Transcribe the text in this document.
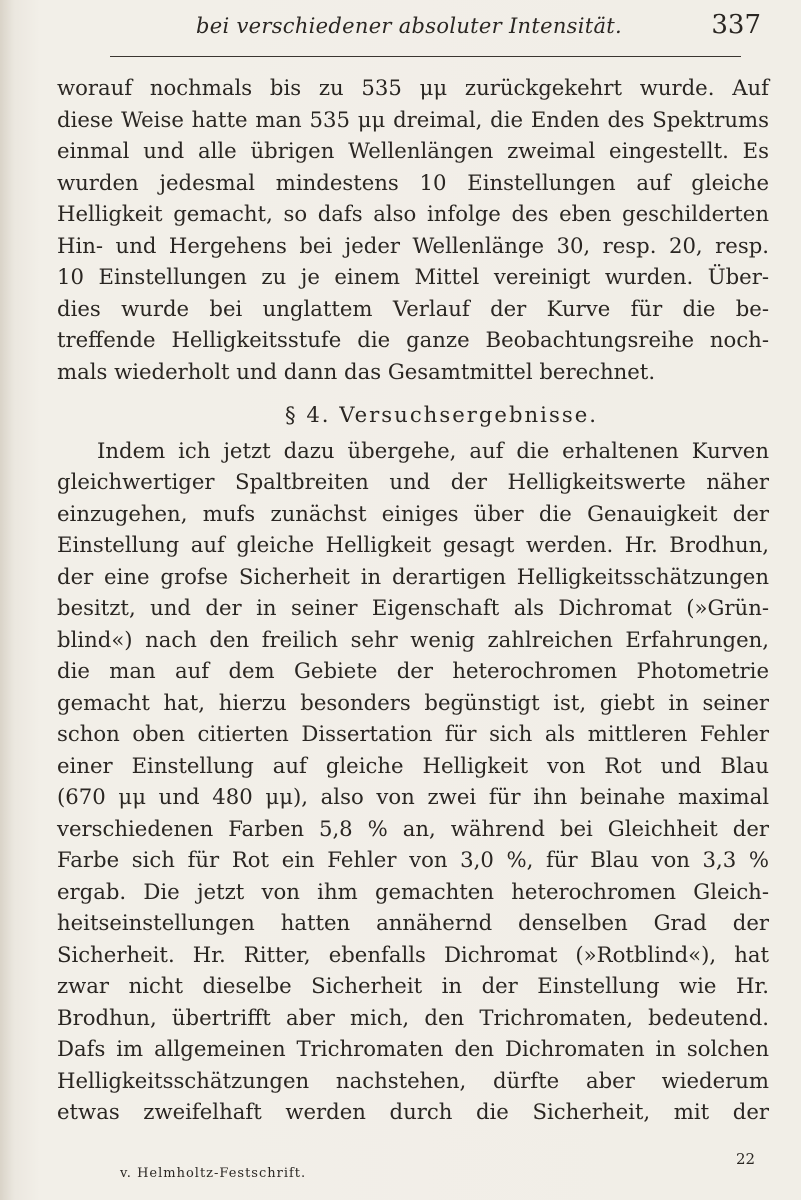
bei verschiedener absoluter Intensität.	337
worauf nochmals bis zu 535 μμ zurückgekehrt wurde. Auf
diese Weise hatte man 535 μμ dreimal, die Enden des Spektrums
einmal und alle übrigen Wellenlängen zweimal eingestellt. Es
wurden jedesmal mindestens 10 Einstellungen auf gleiche
Helligkeit gemacht, so dafs also infolge des eben geschilderten
Hin- und Hergehens bei jeder Wellenlänge 30, resp. 20, resp.
10 Einstellungen zu je einem Mittel vereinigt wurden. Über-
dies wurde bei unglattem Verlauf der Kurve für die be-
treffende Helligkeitsstufe die ganze Beobachtungsreihe noch-
mals wiederholt und dann das Gesamtmittel berechnet.
§ 4. Versuchsergebnisse.
Indem ich jetzt dazu übergehe, auf die erhaltenen Kurven
gleichwertiger Spaltbreiten und der Helligkeitswerte näher
einzugehen, mufs zunächst einiges über die Genauigkeit der
Einstellung auf gleiche Helligkeit gesagt werden. Hr. Brodhun,
der eine grofse Sicherheit in derartigen Helligkeitsschätzungen
besitzt, und der in seiner Eigenschaft als Dichromat (»Grün-
blind«) nach den freilich sehr wenig zahlreichen Erfahrungen,
die man auf dem Gebiete der heterochromen Photometrie
gemacht hat, hierzu besonders begünstigt ist, giebt in seiner
schon oben citierten Dissertation für sich als mittleren Fehler
einer Einstellung auf gleiche Helligkeit von Rot und Blau
(670 μμ und 480 μμ), also von zwei für ihn beinahe maximal
verschiedenen Farben 5,8 % an, während bei Gleichheit der
Farbe sich für Rot ein Fehler von 3,0 %, für Blau von 3,3 %
ergab. Die jetzt von ihm gemachten heterochromen Gleich-
heitseinstellungen hatten annähernd denselben Grad der
Sicherheit. Hr. Ritter, ebenfalls Dichromat (»Rotblind«), hat
zwar nicht dieselbe Sicherheit in der Einstellung wie Hr.
Brodhun, übertrifft aber mich, den Trichromaten, bedeutend.
Dafs im allgemeinen Trichromaten den Dichromaten in solchen
Helligkeitsschätzungen nachstehen, dürfte aber wiederum
etwas zweifelhaft werden durch die Sicherheit, mit der
v. Helmholtz-Festschrift.
22
